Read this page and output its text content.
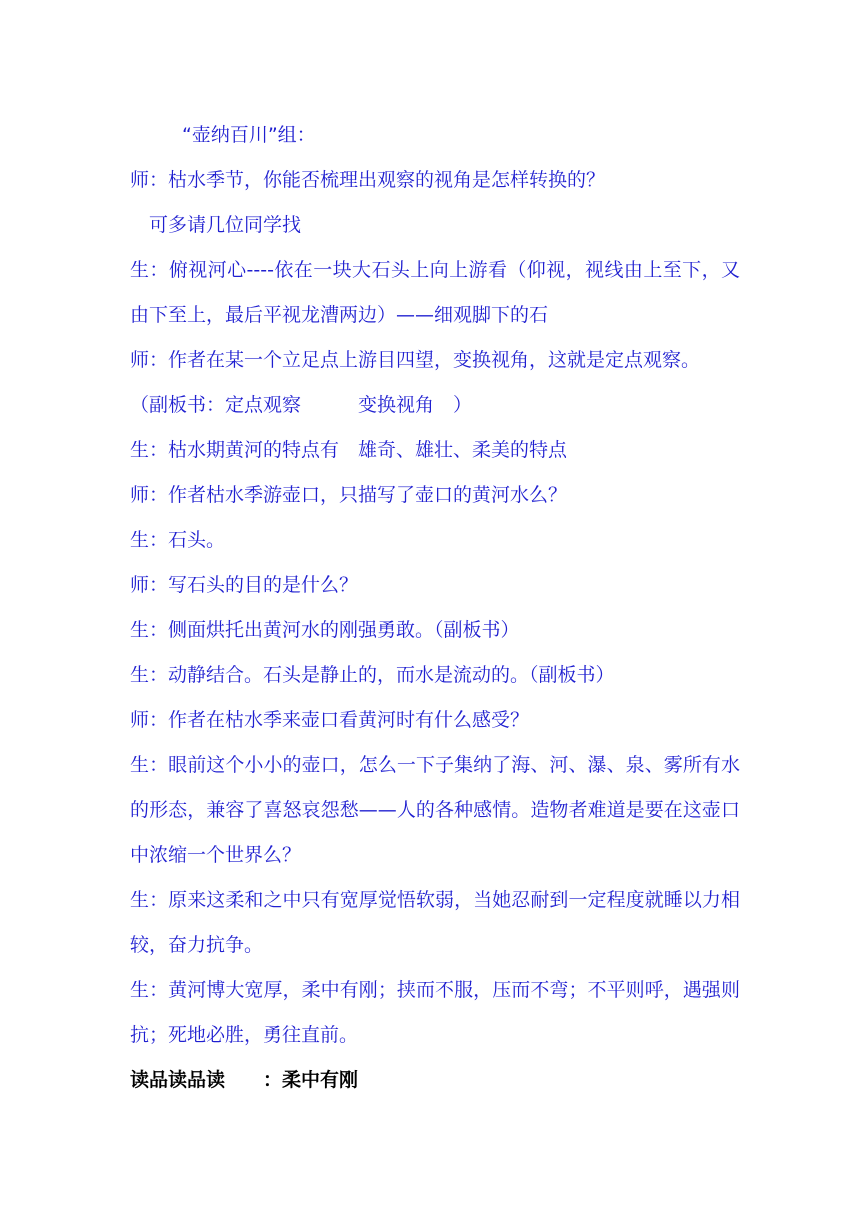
“壶纳百川”组：

师：枯水季节，你能否梳理出观察的视角是怎样转换的？

可多请几位同学找

生：俯视河心----依在一块大石头上向上游看（仰视，视线由上至下，又由下至上，最后平视龙漕两边）——细观脚下的石

师：作者在某一个立足点上游目四望，变换视角，这就是定点观察。

（副板书：定点观察　　　变换视角　）

生：枯水期黄河的特点有　雄奇、雄壮、柔美的特点

师：作者枯水季游壶口，只描写了壶口的黄河水么？

生：石头。

师：写石头的目的是什么？

生：侧面烘托出黄河水的刚强勇敢。（副板书）

生：动静结合。石头是静止的，而水是流动的。（副板书）

师：作者在枯水季来壶口看黄河时有什么感受？

生：眼前这个小小的壶口，怎么一下子集纳了海、河、瀑、泉、雾所有水的形态，兼容了喜怒哀怨愁——人的各种感情。造物者难道是要在这壶口中浓缩一个世界么？

生：原来这柔和之中只有宽厚觉悟软弱，当她忍耐到一定程度就睡以力相较，奋力抗争。

生：黄河博大宽厚，柔中有刚；挟而不服，压而不弯；不平则呼，遇强则抗；死地必胜，勇往直前。

读品读品读　　：柔中有刚
